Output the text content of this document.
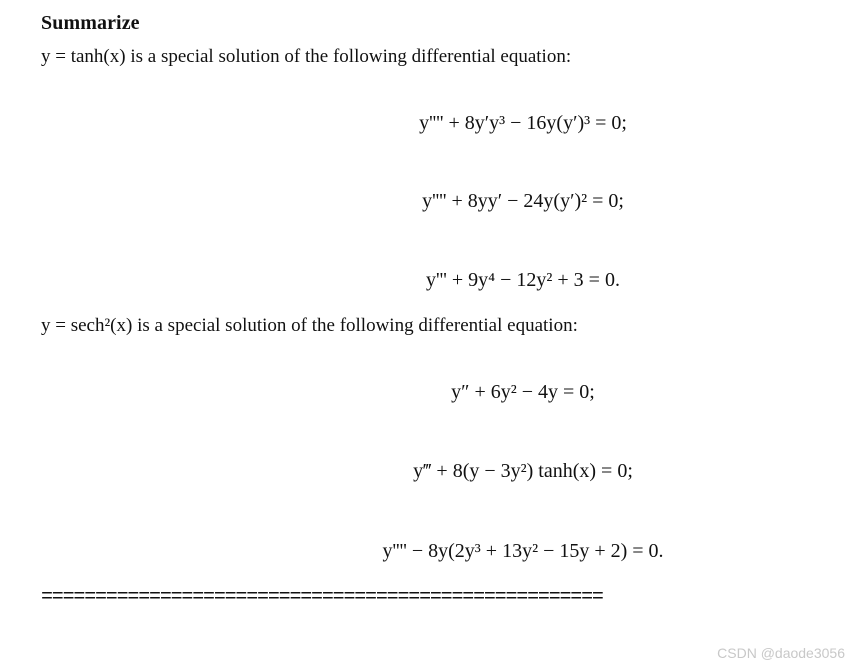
Summarize
y = tanh(x) is a special solution of the following differential equation:
y'''' + 8y′y³ − 16y(y′)³ = 0;
y'''' + 8yy′ − 24y(y′)² = 0;
y''' + 9y⁴ − 12y² + 3 = 0.
y = sech²(x) is a special solution of the following differential equation:
y″ + 6y² − 4y = 0;
y‴ + 8(y − 3y²) tanh(x) = 0;
y'''' − 8y(2y³ + 13y² − 15y + 2) = 0.
====================================================
CSDN @daode3056
